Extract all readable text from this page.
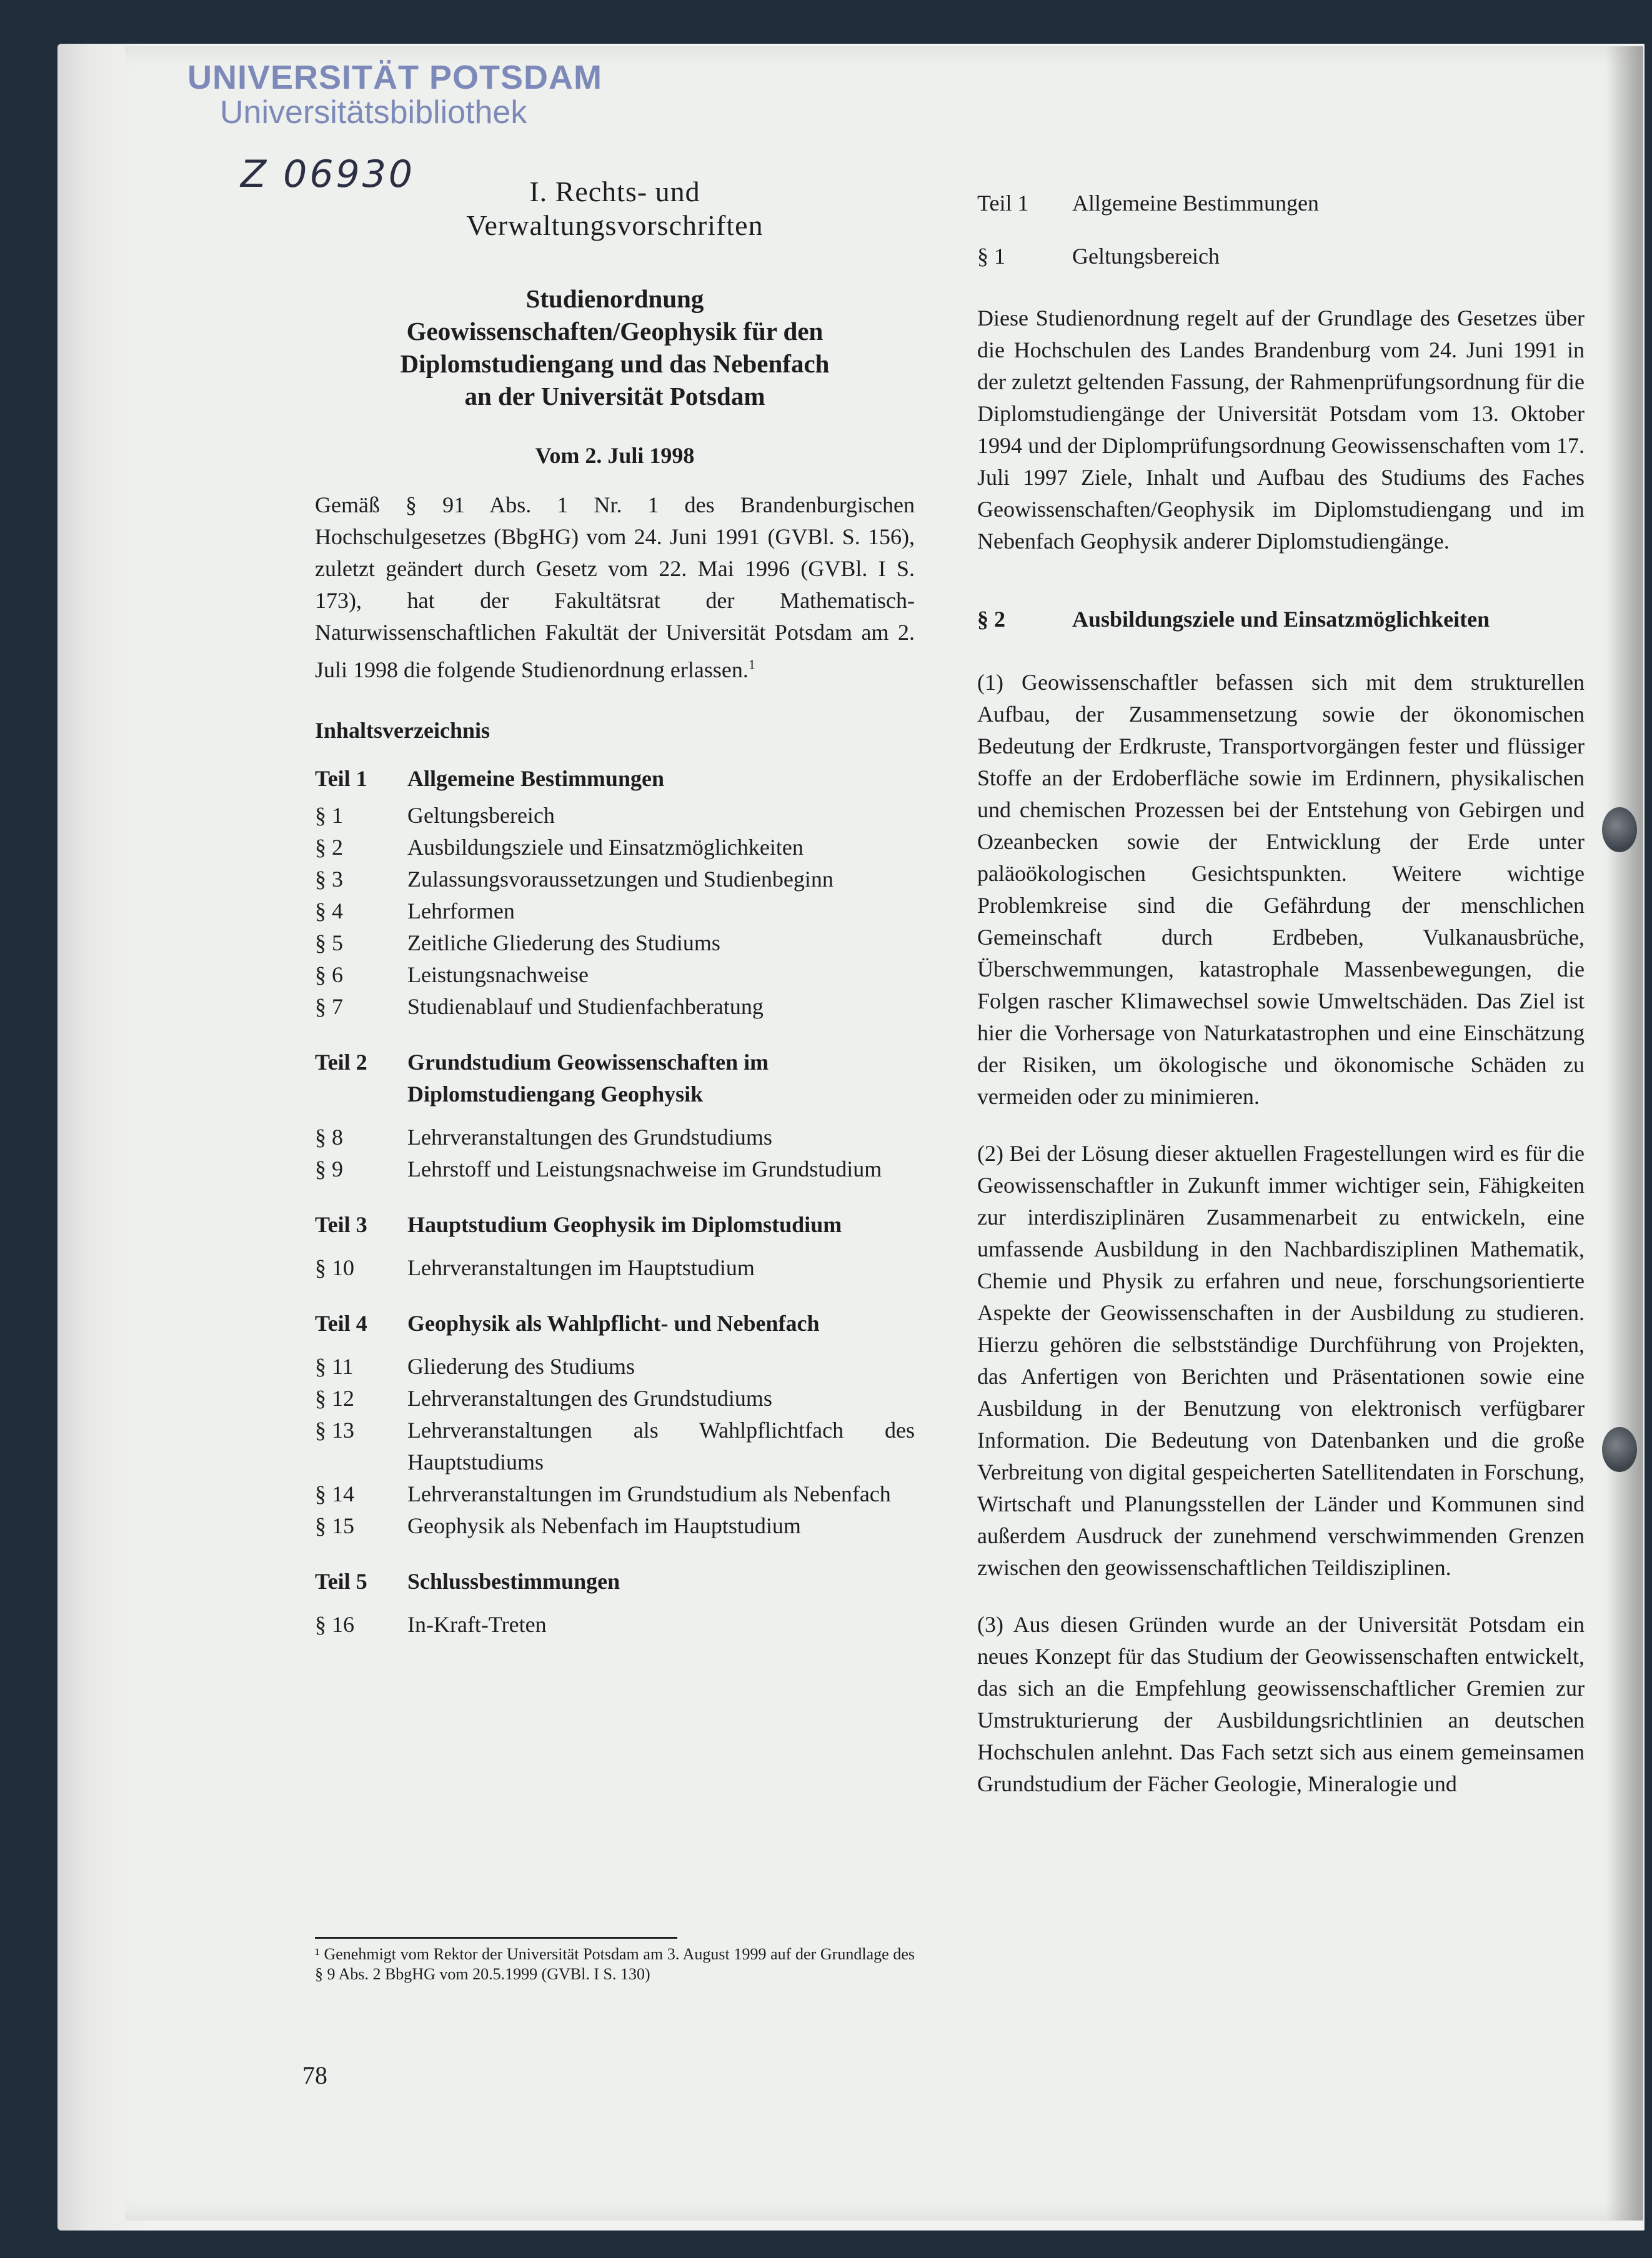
UNIVERSITÄT POTSDAM
Universitätsbibliothek
Z 06930	I. Rechts- und
Verwaltungsvorschriften
Studienordnung
Geowissenschaften/Geophysik für den
Diplomstudiengang und das Nebenfach
an der Universität Potsdam
Vom 2. Juli 1998
Gemäß § 91 Abs. 1 Nr. 1 des Brandenburgischen Hochschulgesetzes (BbgHG) vom 24. Juni 1991 (GVBl. S. 156), zuletzt geändert durch Gesetz vom 22. Mai 1996 (GVBl. I S. 173), hat der Fakultätsrat der Mathematisch-Naturwissenschaftlichen Fakultät der Universität Potsdam am 2. Juli 1998 die folgende Studienordnung erlassen.$^1$
Inhaltsverzeichnis
Teil 1	Allgemeine Bestimmungen
§ 1	Geltungsbereich
§ 2	Ausbildungsziele und Einsatzmöglichkeiten
§ 3	Zulassungsvoraussetzungen und Studienbeginn
§ 4	Lehrformen
§ 5	Zeitliche Gliederung des Studiums
§ 6	Leistungsnachweise
§ 7	Studienablauf und Studienfachberatung
Teil 2	Grundstudium Geowissenschaften im Diplomstudiengang Geophysik
§ 8	Lehrveranstaltungen des Grundstudiums
§ 9	Lehrstoff und Leistungsnachweise im Grundstudium
Teil 3	Hauptstudium Geophysik im Diplomstudium
§ 10	Lehrveranstaltungen im Hauptstudium
Teil 4	Geophysik als Wahlpflicht- und Nebenfach
§ 11	Gliederung des Studiums
§ 12	Lehrveranstaltungen des Grundstudiums
§ 13	Lehrveranstaltungen als Wahlpflichtfach des Hauptstudiums
§ 14	Lehrveranstaltungen im Grundstudium als Nebenfach
§ 15	Geophysik als Nebenfach im Hauptstudium
Teil 5	Schlussbestimmungen
§ 16	In-Kraft-Treten
¹ Genehmigt vom Rektor der Universität Potsdam am 3. August 1999 auf der Grundlage des § 9 Abs. 2 BbgHG vom 20.5.1999 (GVBl. I S. 130)
78
Teil 1	Allgemeine Bestimmungen
§ 1	Geltungsbereich
Diese Studienordnung regelt auf der Grundlage des Gesetzes über die Hochschulen des Landes Brandenburg vom 24. Juni 1991 in der zuletzt geltenden Fassung, der Rahmenprüfungsordnung für die Diplomstudiengänge der Universität Potsdam vom 13. Oktober 1994 und der Diplomprüfungsordnung Geowissenschaften vom 17. Juli 1997 Ziele, Inhalt und Aufbau des Studiums des Faches Geowissenschaften/Geophysik im Diplomstudiengang und im Nebenfach Geophysik anderer Diplomstudiengänge.
§ 2	Ausbildungsziele und Einsatzmöglichkeiten
(1) Geowissenschaftler befassen sich mit dem strukturellen Aufbau, der Zusammensetzung sowie der ökonomischen Bedeutung der Erdkruste, Transportvorgängen fester und flüssiger Stoffe an der Erdoberfläche sowie im Erdinnern, physikalischen und chemischen Prozessen bei der Entstehung von Gebirgen und Ozeanbecken sowie der Entwicklung der Erde unter paläoökologischen Gesichtspunkten. Weitere wichtige Problemkreise sind die Gefährdung der menschlichen Gemeinschaft durch Erdbeben, Vulkanausbrüche, Überschwemmungen, katastrophale Massenbewegungen, die Folgen rascher Klimawechsel sowie Umweltschäden. Das Ziel ist hier die Vorhersage von Naturkatastrophen und eine Einschätzung der Risiken, um ökologische und ökonomische Schäden zu vermeiden oder zu minimieren.
(2) Bei der Lösung dieser aktuellen Fragestellungen wird es für die Geowissenschaftler in Zukunft immer wichtiger sein, Fähigkeiten zur interdisziplinären Zusammenarbeit zu entwickeln, eine umfassende Ausbildung in den Nachbardisziplinen Mathematik, Chemie und Physik zu erfahren und neue, forschungsorientierte Aspekte der Geowissenschaften in der Ausbildung zu studieren. Hierzu gehören die selbstständige Durchführung von Projekten, das Anfertigen von Berichten und Präsentationen sowie eine Ausbildung in der Benutzung von elektronisch verfügbarer Information. Die Bedeutung von Datenbanken und die große Verbreitung von digital gespeicherten Satellitendaten in Forschung, Wirtschaft und Planungsstellen der Länder und Kommunen sind außerdem Ausdruck der zunehmend verschwimmenden Grenzen zwischen den geowissenschaftlichen Teildisziplinen.
(3) Aus diesen Gründen wurde an der Universität Potsdam ein neues Konzept für das Studium der Geowissenschaften entwickelt, das sich an die Empfehlung geowissenschaftlicher Gremien zur Umstrukturierung der Ausbildungsrichtlinien an deutschen Hochschulen anlehnt. Das Fach setzt sich aus einem gemeinsamen Grundstudium der Fächer Geologie, Mineralogie und
